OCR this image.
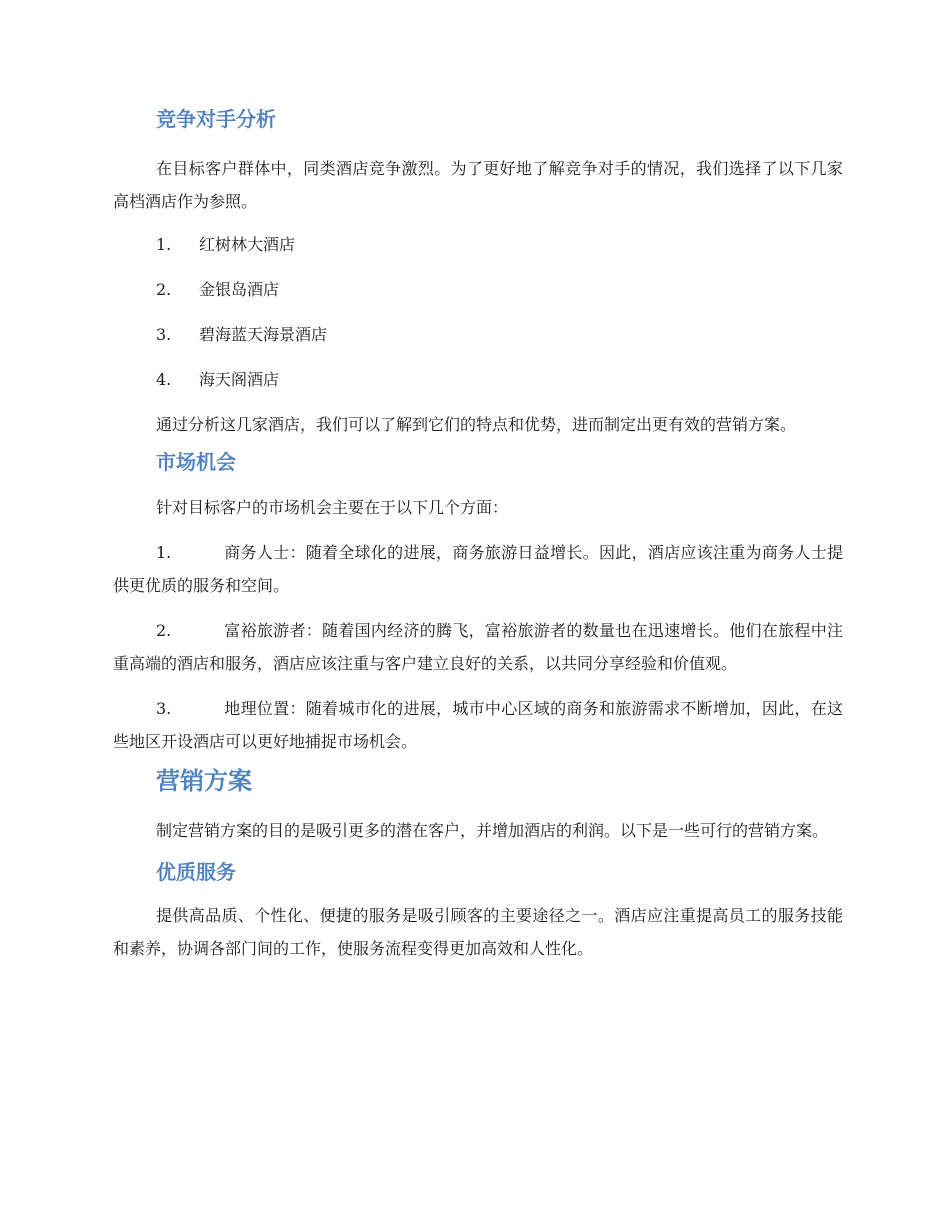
竞争对手分析

在目标客户群体中，同类酒店竞争激烈。为了更好地了解竞争对手的情况，我们选择了以下几家高档酒店作为参照。

1.	红树林大酒店
2.	金银岛酒店
3.	碧海蓝天海景酒店
4.	海天阁酒店

通过分析这几家酒店，我们可以了解到它们的特点和优势，进而制定出更有效的营销方案。

市场机会

针对目标客户的市场机会主要在于以下几个方面：

1.	商务人士：随着全球化的进展，商务旅游日益增长。因此，酒店应该注重为商务人士提供更优质的服务和空间。

2.	富裕旅游者：随着国内经济的腾飞，富裕旅游者的数量也在迅速增长。他们在旅程中注重高端的酒店和服务，酒店应该注重与客户建立良好的关系，以共同分享经验和价值观。

3.	地理位置：随着城市化的进展，城市中心区域的商务和旅游需求不断增加，因此，在这些地区开设酒店可以更好地捕捉市场机会。

营销方案

制定营销方案的目的是吸引更多的潜在客户，并增加酒店的利润。以下是一些可行的营销方案。

优质服务

提供高品质、个性化、便捷的服务是吸引顾客的主要途径之一。酒店应注重提高员工的服务技能和素养，协调各部门间的工作，使服务流程变得更加高效和人性化。
